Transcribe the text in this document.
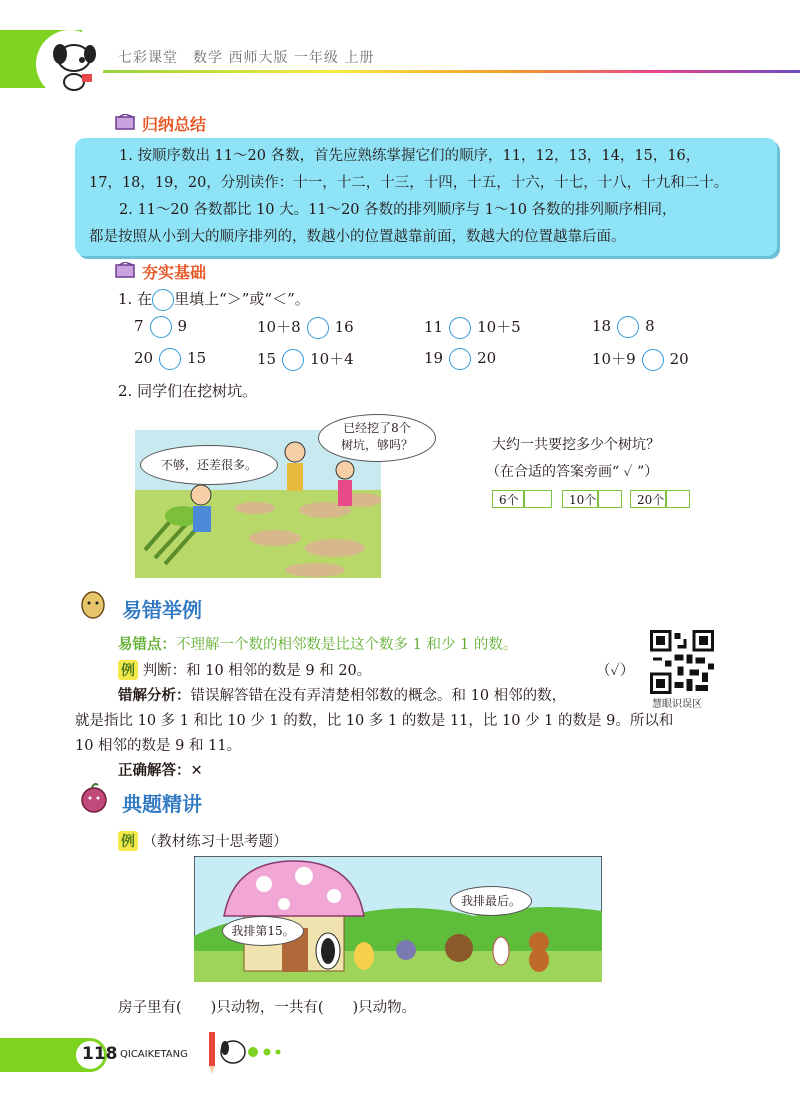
七彩课堂　数学 西师大版 一年级 上册
归纳总结
1. 按顺序数出 11～20 各数，首先应熟练掌握它们的顺序，11，12，13，14，15，16，
17，18，19，20，分别读作：十一，十二，十三，十四，十五，十六，十七，十八，十九和二十。
2. 11～20 各数都比 10 大。11～20 各数的排列顺序与 1～10 各数的排列顺序相同，
都是按照从小到大的顺序排列的，数越小的位置越靠前面，数越大的位置越靠后面。
夯实基础
1. 在 里填上“＞”或“＜”。
7 9	10＋8 16	11 10＋5	18 8
20 15	15 10＋4	19 20	10＋9 20
2. 同学们在挖树坑。
不够，还差很多。
已经挖了8个
树坑，够吗？	大约一共要挖多少个树坑？
（在合适的答案旁画“ ✓ ”）
6个	10个	20个
易错举例
易错点：不理解一个数的相邻数是比这个数多 1 和少 1 的数。
例 判断：和 10 相邻的数是 9 和 20。	（✓）
错解分析：错误解答错在没有弄清楚相邻数的概念。和 10 相邻的数，
就是指比 10 多 1 和比 10 少 1 的数，比 10 多 1 的数是 11，比 10 少 1 的数是 9。所以和
10 相邻的数是 9 和 11。
正确解答：✕
慧眼识误区
典题精讲
例 （教材练习十思考题）
我排第15。
我排最后。
房子里有(　　)只动物，一共有(　　)只动物。
118 QICAIKETANG
